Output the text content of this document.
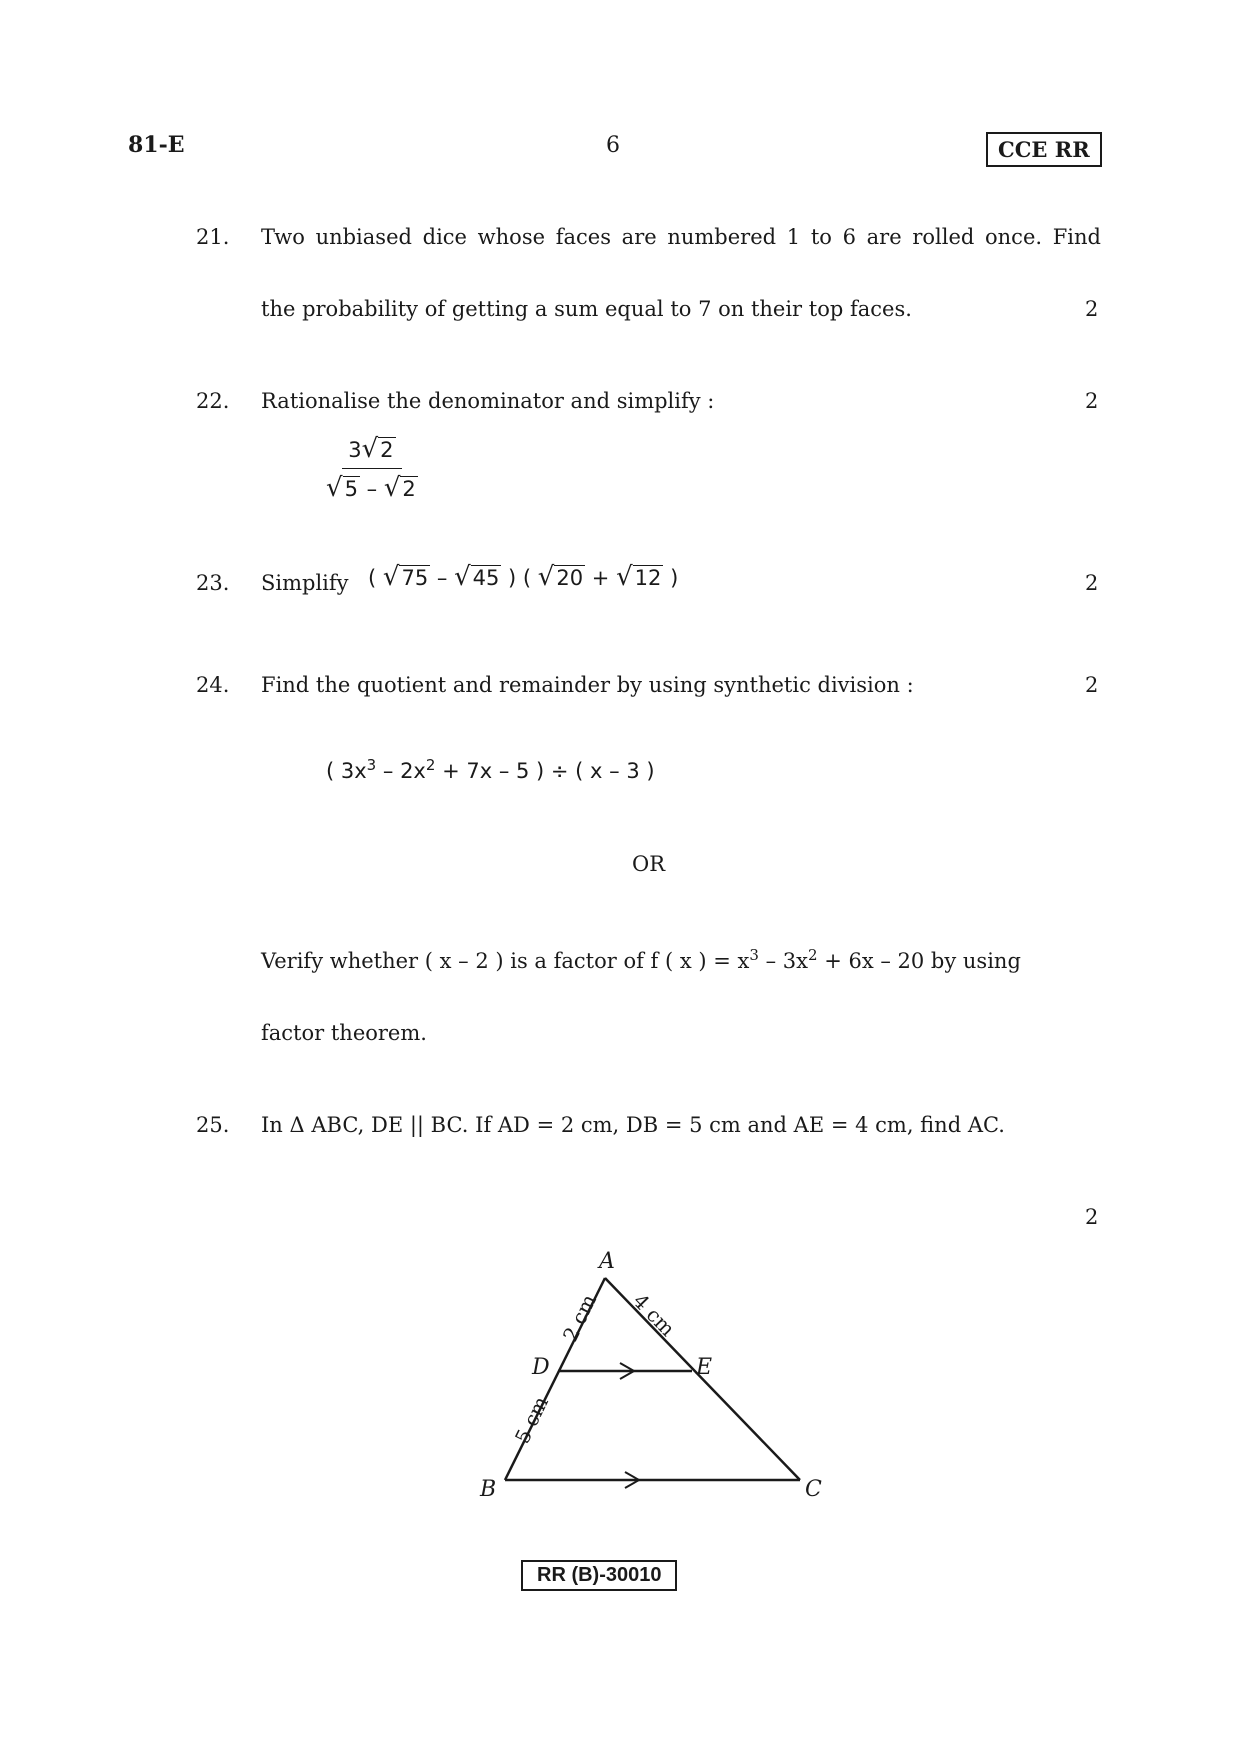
81-E	6	CCE RR
21. Two unbiased dice whose faces are numbered 1 to 6 are rolled once. Find
the probability of getting a sum equal to 7 on their top faces.	2
22. Rationalise the denominator and simplify :	2
$\frac{3√2}{√5 - √2}$
23. Simplify ( √75 – √45 ) ( √20 + √12 )	2
24. Find the quotient and remainder by using synthetic division :	2
( $3x^3 - 2x^2 + 7x - 5$ ) ÷ ( x – 3 )
OR
Verify whether ( x – 2 ) is a factor of f ( x ) = $x^3 - 3x^2 + 6x - 20$ by using
factor theorem.
25. In Δ ABC, DE || BC. If AD = 2 cm, DB = 5 cm and AE = 4 cm, find AC.
2
A
B	C
D	E
2 cm 4 cm
5 cm
RR (B)-30010
